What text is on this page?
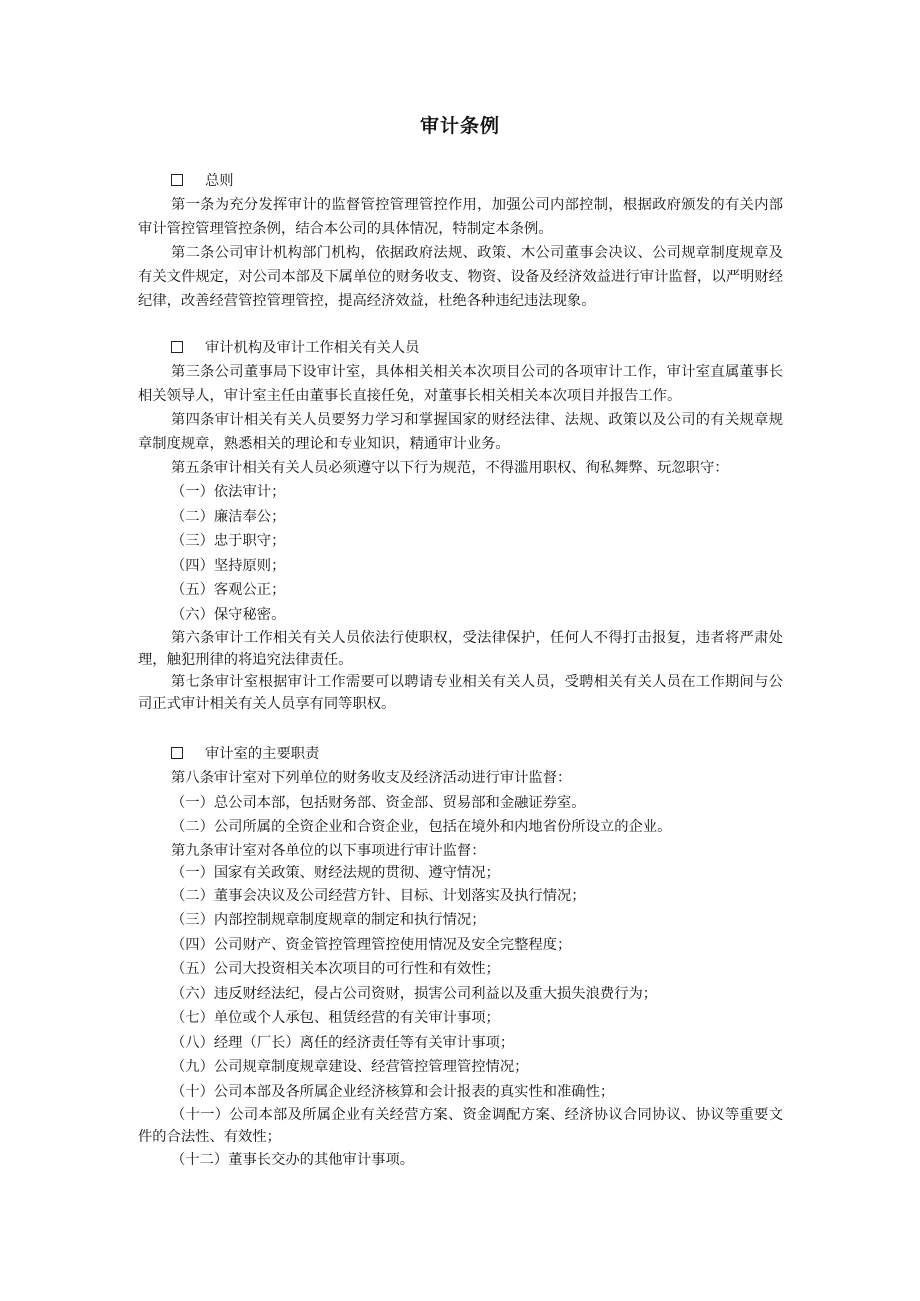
审计条例
总则
第一条为充分发挥审计的监督管控管理管控作用，加强公司内部控制，根据政府颁发的有关内部审计管控管理管控条例，结合本公司的具体情况，特制定本条例。
第二条公司审计机构部门机构，依据政府法规、政策、木公司董事会决议、公司规章制度规章及有关文件规定，对公司本部及下属单位的财务收支、物资、设备及经济效益进行审计监督，以严明财经纪律，改善经营管控管理管控，提高经济效益，杜绝各种违纪违法现象。
审计机构及审计工作相关有关人员
第三条公司董事局下设审计室，具体相关相关本次项目公司的各项审计工作，审计室直属董事长相关领导人，审计室主任由董事长直接任免，对董事长相关相关本次项目并报告工作。
第四条审计相关有关人员要努力学习和掌握国家的财经法律、法规、政策以及公司的有关规章规章制度规章，熟悉相关的理论和专业知识，精通审计业务。
第五条审计相关有关人员必须遵守以下行为规范，不得滥用职权、徇私舞弊、玩忽职守：
（一）依法审计；
（二）廉洁奉公；
（三）忠于职守；
（四）坚持原则；
（五）客观公正；
（六）保守秘密。
第六条审计工作相关有关人员依法行使职权，受法律保护，任何人不得打击报复，违者将严肃处理，触犯刑律的将追究法律责任。
第七条审计室根据审计工作需要可以聘请专业相关有关人员，受聘相关有关人员在工作期间与公司正式审计相关有关人员享有同等职权。
审计室的主要职责
第八条审计室对下列单位的财务收支及经济活动进行审计监督：
（一）总公司本部，包括财务部、资金部、贸易部和金融证券室。
（二）公司所属的全资企业和合资企业，包括在境外和内地省份所设立的企业。
第九条审计室对各单位的以下事项进行审计监督：
（一）国家有关政策、财经法规的贯彻、遵守情况；
（二）董事会决议及公司经营方针、目标、计划落实及执行情况；
（三）内部控制规章制度规章的制定和执行情况；
（四）公司财产、资金管控管理管控使用情况及安全完整程度；
（五）公司大投资相关本次项目的可行性和有效性；
（六）违反财经法纪，侵占公司资财，损害公司利益以及重大损失浪费行为；
（七）单位或个人承包、租赁经营的有关审计事项；
（八）经理（厂长）离任的经济责任等有关审计事项；
（九）公司规章制度规章建设、经营管控管理管控情况；
（十）公司本部及各所属企业经济核算和会计报表的真实性和准确性；
（十一）公司本部及所属企业有关经营方案、资金调配方案、经济协议合同协议、协议等重要文件的合法性、有效性；
（十二）董事长交办的其他审计事项。
